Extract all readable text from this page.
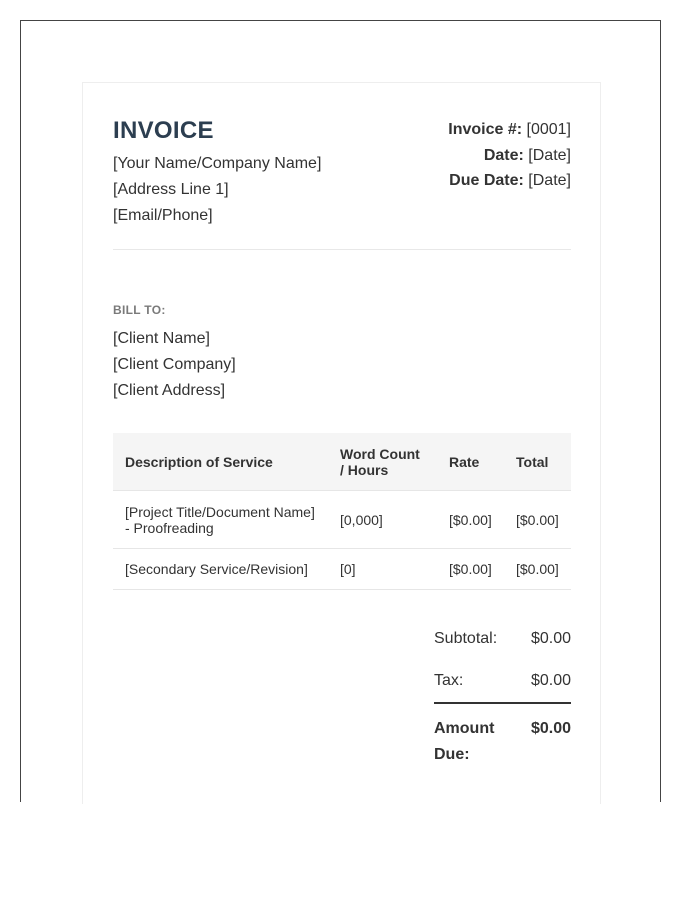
INVOICE
[Your Name/Company Name]
[Address Line 1]
[Email/Phone]
Invoice #: [0001]
Date: [Date]
Due Date: [Date]
BILL TO:
[Client Name]
[Client Company]
[Client Address]
Description of Service	Word Count / Hours	Rate	Total
[Project Title/Document Name] - Proofreading	[0,000]	[$0.00]	[$0.00]
[Secondary Service/Revision]	[0]	[$0.00]	[$0.00]
Subtotal: $0.00
Tax:	$0.00
Amount Due:
$0.00
